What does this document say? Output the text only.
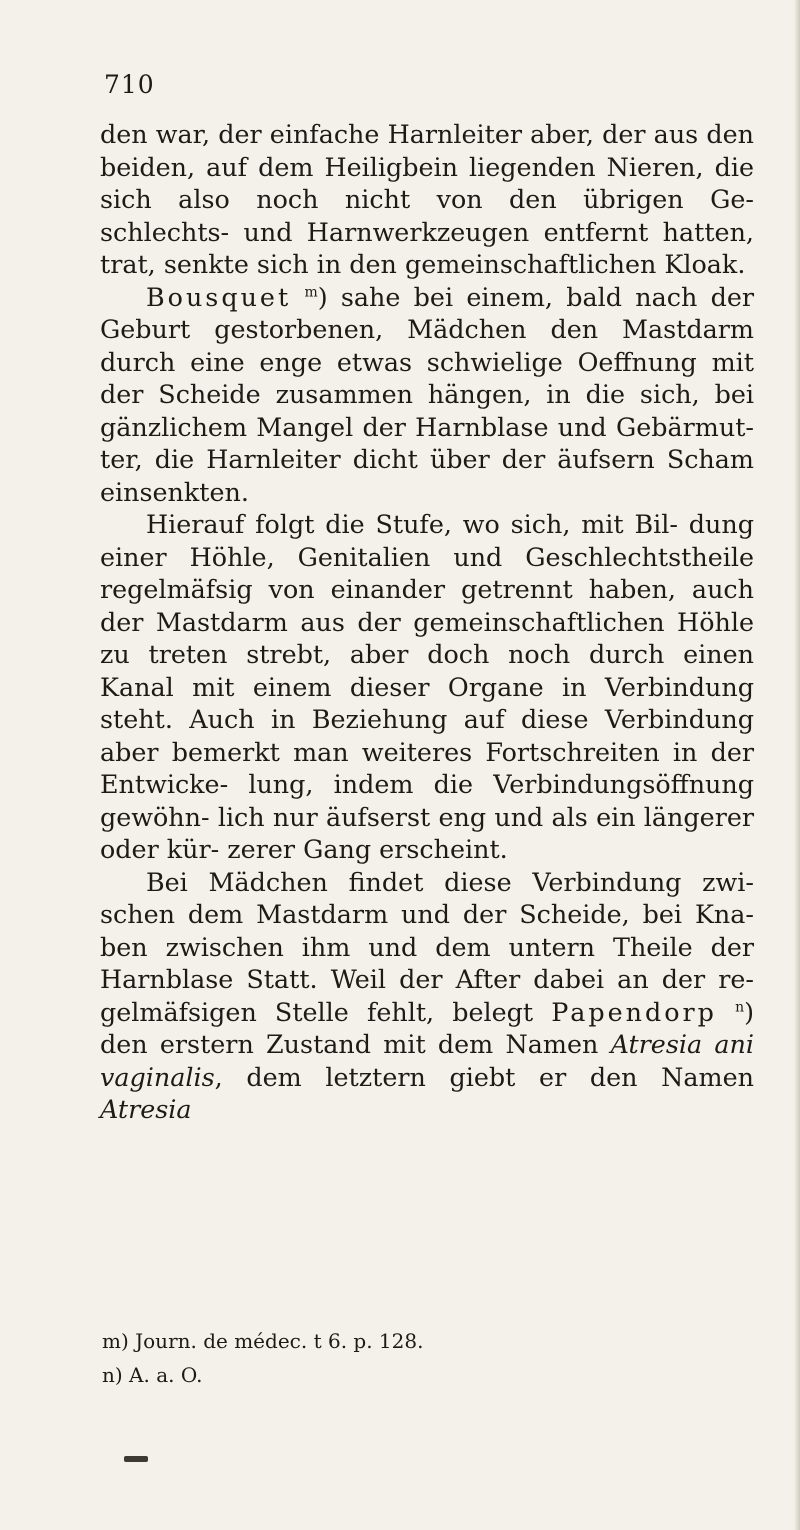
710

den war, der einfache Harnleiter aber, der aus den beiden, auf dem Heiligbein liegenden Nieren, die sich also noch nicht von den übrigen Ge- schlechts- und Harnwerkzeugen entfernt hatten, trat, senkte sich in den gemeinschaftlichen Kloak.

Bousquet $^m$) sahe bei einem, bald nach der Geburt gestorbenen, Mädchen den Mastdarm durch eine enge etwas schwielige Oeffnung mit der Scheide zusammen hängen, in die sich, bei gänzlichem Mangel der Harnblase und Gebärmut- ter, die Harnleiter dicht über der äufsern Scham einsenkten.

Hierauf folgt die Stufe, wo sich, mit Bil- dung einer Höhle, Genitalien und Geschlechtstheile regelmäfsig von einander getrennt haben, auch der Mastdarm aus der gemeinschaftlichen Höhle zu treten strebt, aber doch noch durch einen Kanal mit einem dieser Organe in Verbindung steht. Auch in Beziehung auf diese Verbindung aber bemerkt man weiteres Fortschreiten in der Entwicke- lung, indem die Verbindungsöffnung gewöhn- lich nur äufserst eng und als ein längerer oder kür- zerer Gang erscheint.

Bei Mädchen findet diese Verbindung zwi- schen dem Mastdarm und der Scheide, bei Kna- ben zwischen ihm und dem untern Theile der Harnblase Statt. Weil der After dabei an der re- gelmäfsigen Stelle fehlt, belegt Papendorp $^n$) den erstern Zustand mit dem Namen Atresia ani vaginalis, dem letztern giebt er den Namen Atresia

m) Journ. de médec. t 6. p. 128.

n) A. a. O.
